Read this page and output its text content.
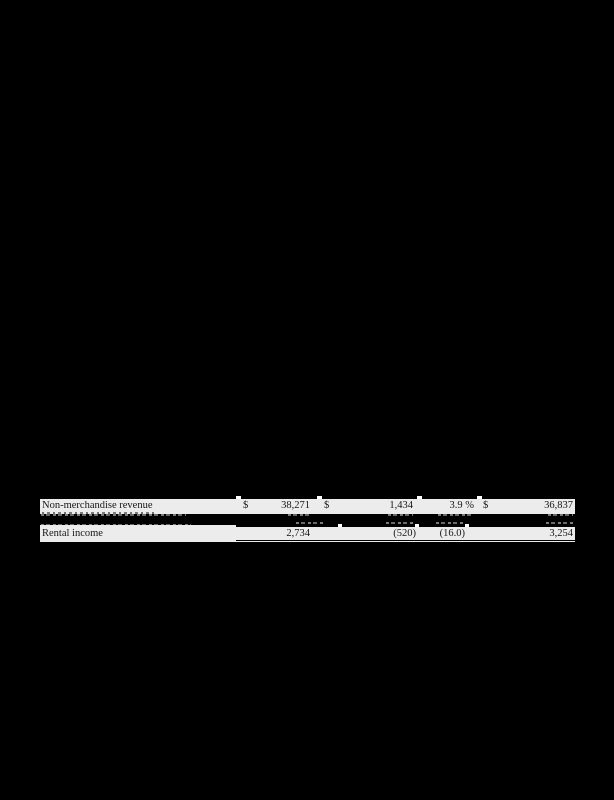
Non-merchandise revenue	$	38,271 $	1,434	3.9 % $	36,837
Rental income	2,734	(520)	(16.0)	3,254
